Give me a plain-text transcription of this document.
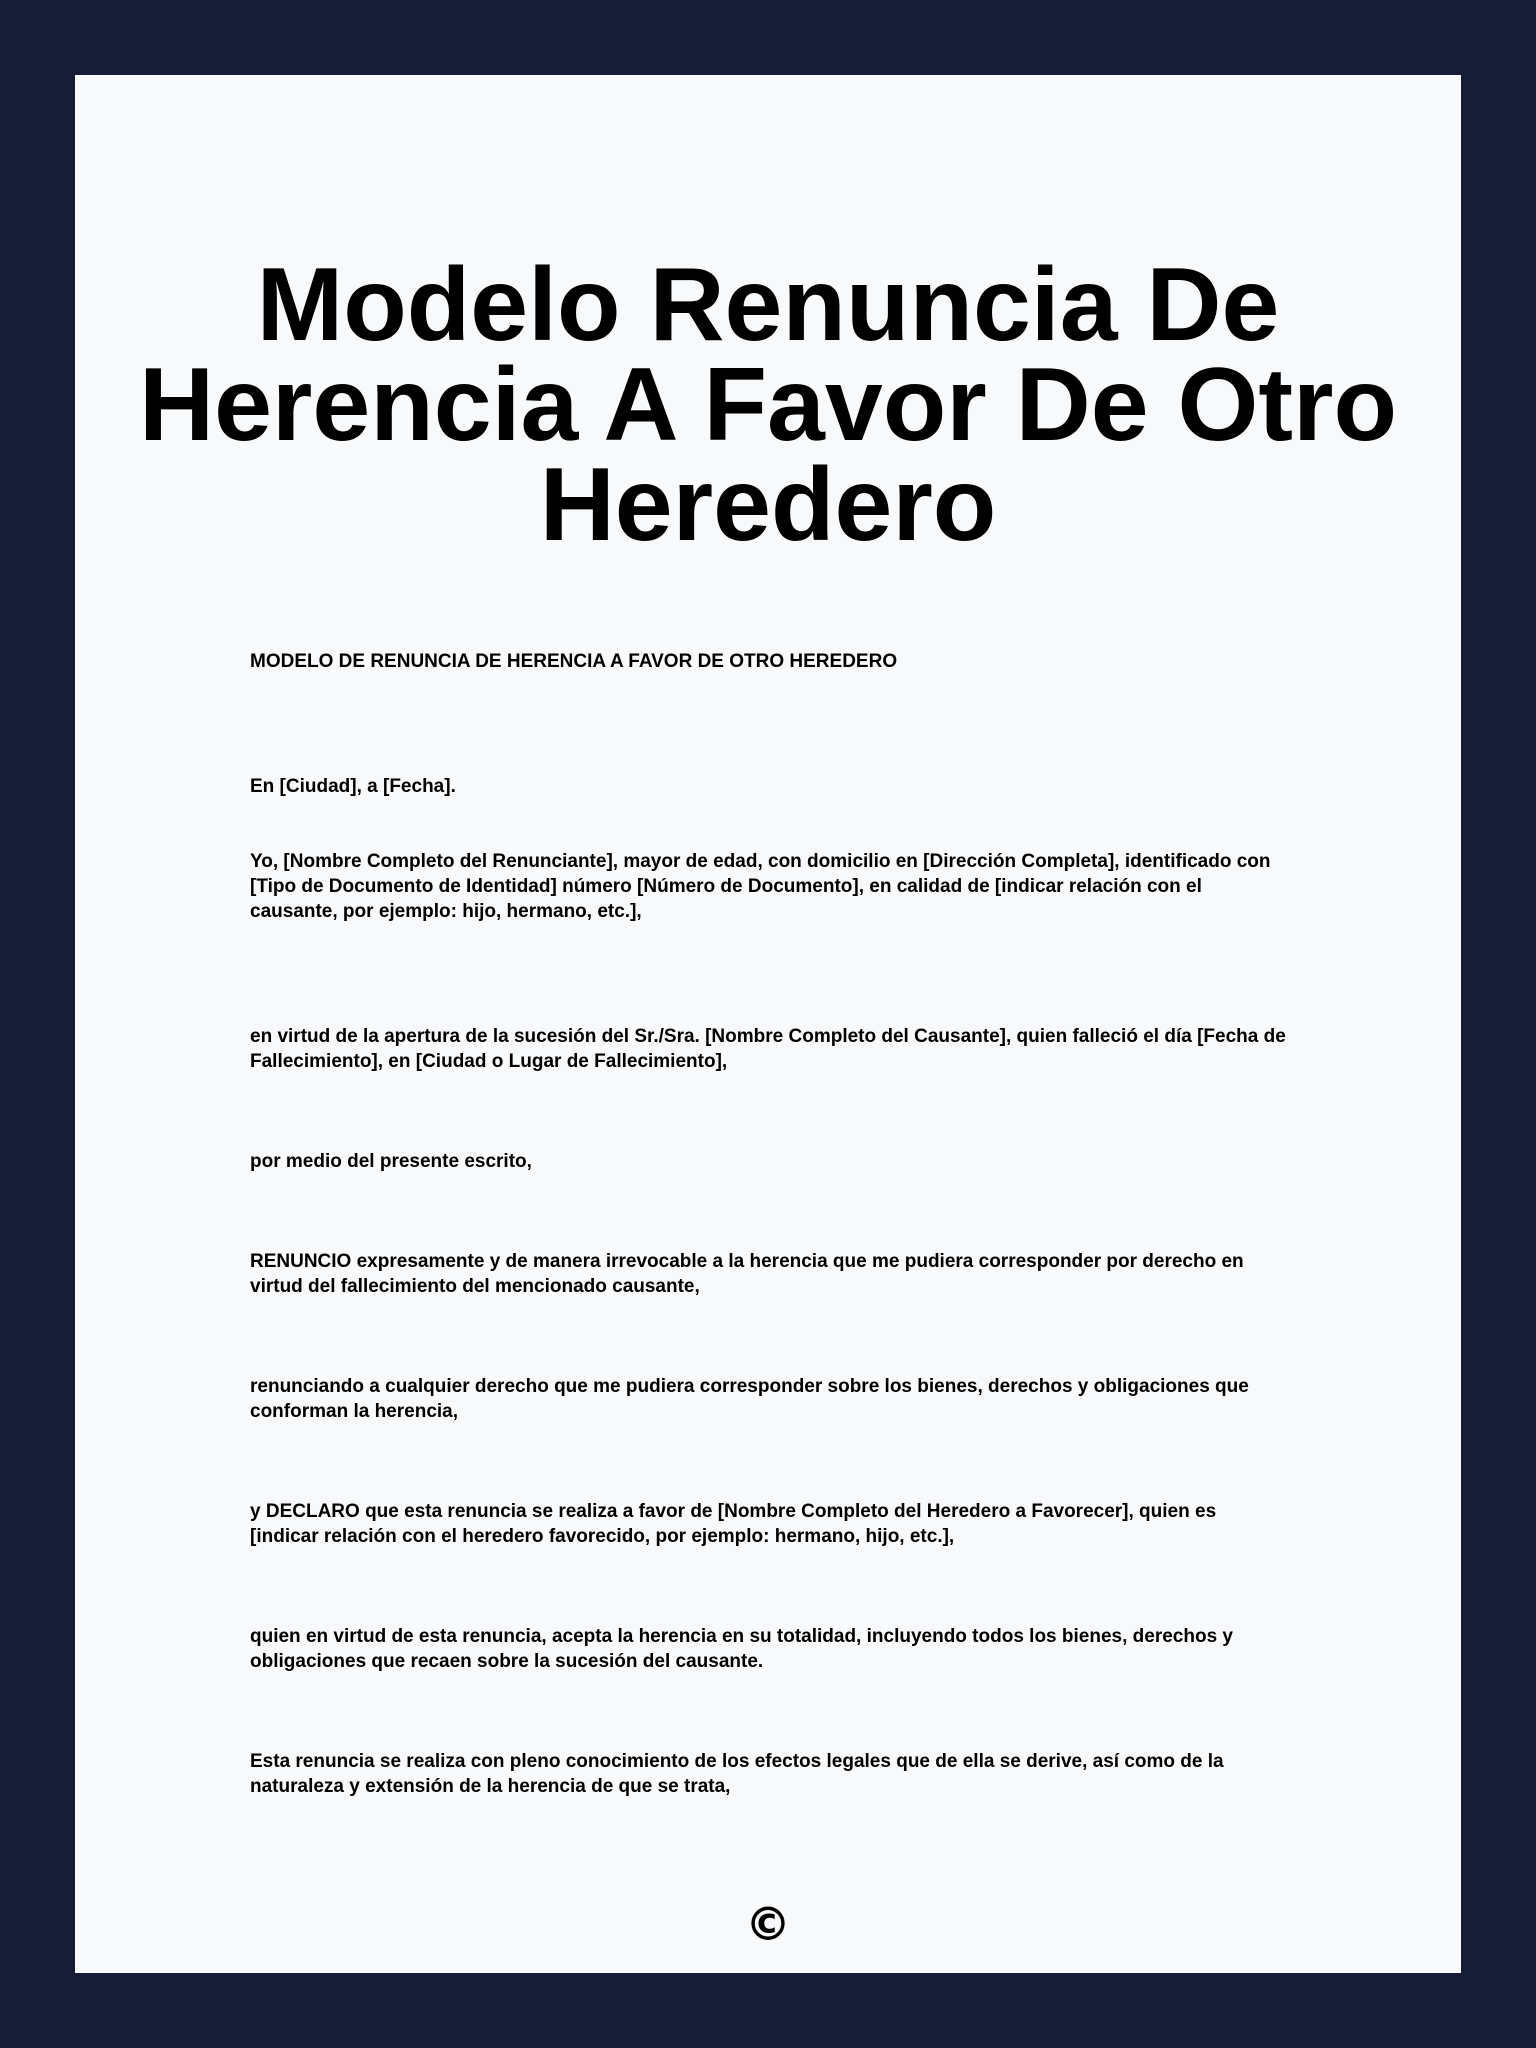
Modelo Renuncia De Herencia A Favor De Otro Heredero

MODELO DE RENUNCIA DE HERENCIA A FAVOR DE OTRO HEREDERO

En [Ciudad], a [Fecha].

Yo, [Nombre Completo del Renunciante], mayor de edad, con domicilio en [Dirección Completa], identificado con [Tipo de Documento de Identidad] número [Número de Documento], en calidad de [indicar relación con el causante, por ejemplo: hijo, hermano, etc.],

en virtud de la apertura de la sucesión del Sr./Sra. [Nombre Completo del Causante], quien falleció el día [Fecha de Fallecimiento], en [Ciudad o Lugar de Fallecimiento],

por medio del presente escrito,

RENUNCIO expresamente y de manera irrevocable a la herencia que me pudiera corresponder por derecho en virtud del fallecimiento del mencionado causante,

renunciando a cualquier derecho que me pudiera corresponder sobre los bienes, derechos y obligaciones que conforman la herencia,

y DECLARO que esta renuncia se realiza a favor de [Nombre Completo del Heredero a Favorecer], quien es [indicar relación con el heredero favorecido, por ejemplo: hermano, hijo, etc.],

quien en virtud de esta renuncia, acepta la herencia en su totalidad, incluyendo todos los bienes, derechos y obligaciones que recaen sobre la sucesión del causante.

Esta renuncia se realiza con pleno conocimiento de los efectos legales que de ella se derive, así como de la naturaleza y extensión de la herencia de que se trata,

©
